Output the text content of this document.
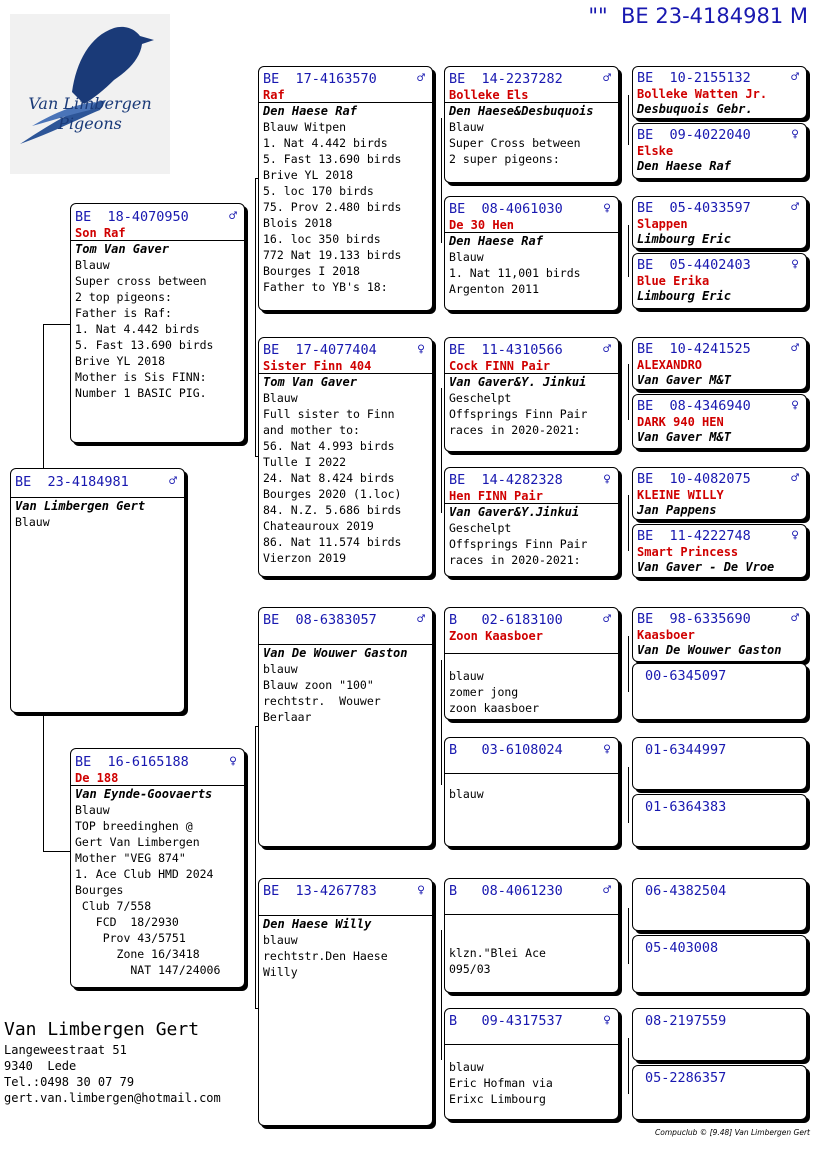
"" BE 23-4184981 M
Van Limbergen
Pigeons
BE  23-4184981	♂
Van Limbergen Gert
Blauw
BE  18-4070950	♂
Son Raf
Tom Van Gaver
Blauw
Super cross between
2 top pigeons:
Father is Raf:
1. Nat 4.442 birds
5. Fast 13.690 birds
Brive YL 2018
Mother is Sis FINN:
Number 1 BASIC PIG.
BE  16-6165188	♀
De 188
Van Eynde-Goovaerts
Blauw
TOP breedinghen @
Gert Van Limbergen
Mother "VEG 874"
1. Ace Club HMD 2024
Bourges
Club 7/558
FCD  18/2930
Prov 43/5751
Zone 16/3418
NAT 147/24006
BE  17-4163570	♂
Raf
Den Haese Raf
Blauw Witpen
1. Nat 4.442 birds
5. Fast 13.690 birds
Brive YL 2018
5. loc 170 birds
75. Prov 2.480 birds
Blois 2018
16. loc 350 birds
772 Nat 19.133 birds
Bourges I 2018
Father to YB's 18:
BE  17-4077404	♀
Sister Finn 404
Tom Van Gaver
Blauw
Full sister to Finn
and mother to:
56. Nat 4.993 birds
Tulle I 2022
24. Nat 8.424 birds
Bourges 2020 (1.loc)
84. N.Z. 5.686 birds
Chateauroux 2019
86. Nat 11.574 birds
Vierzon 2019
BE  08-6383057	♂
Van De Wouwer Gaston
blauw
Blauw zoon "100"
rechtstr.  Wouwer
Berlaar
BE  13-4267783	♀
Den Haese Willy
blauw
rechtstr.Den Haese
Willy
BE  14-2237282	♂
Bolleke Els
Den Haese&Desbuquois
Blauw
Super Cross between
2 super pigeons:
BE  08-4061030	♀
De 30 Hen
Den Haese Raf
Blauw
1. Nat 11,001 birds
Argenton 2011
BE  11-4310566	♂
Cock FINN Pair
Van Gaver&Y. Jinkui
Geschelpt
Offsprings Finn Pair
races in 2020-2021:
BE  14-4282328	♀
Hen FINN Pair
Van Gaver&Y.Jinkui
Geschelpt
Offsprings Finn Pair
races in 2020-2021:
B   02-6183100	♂
Zoon Kaasboer
blauw
zomer jong
zoon kaasboer
B   03-6108024	♀
blauw
B   08-4061230	♂
klzn."Blei Ace
095/03
B   09-4317537	♀
blauw
Eric Hofman via
Erixc Limbourg
BE  10-2155132	♂
Bolleke Watten Jr.
Desbuquois Gebr.
BE  09-4022040	♀
Elske
Den Haese Raf
BE  05-4033597	♂
Slappen
Limbourg Eric
BE  05-4402403	♀
Blue Erika
Limbourg Eric
BE  10-4241525	♂
ALEXANDRO
Van Gaver M&T
BE  08-4346940	♀
DARK 940 HEN
Van Gaver M&T
BE  10-4082075	♂
KLEINE WILLY
Jan Pappens
BE  11-4222748	♀
Smart Princess
Van Gaver - De Vroe
BE  98-6335690	♂
Kaasboer
Van De Wouwer Gaston
00-6345097
01-6344997
01-6364383
06-4382504
05-403008
08-2197559
05-2286357
Van Limbergen Gert
Langeweestraat 51
9340  Lede
Tel.:0498 30 07 79
gert.van.limbergen@hotmail.com
Compuclub © [9.48] Van Limbergen Gert
